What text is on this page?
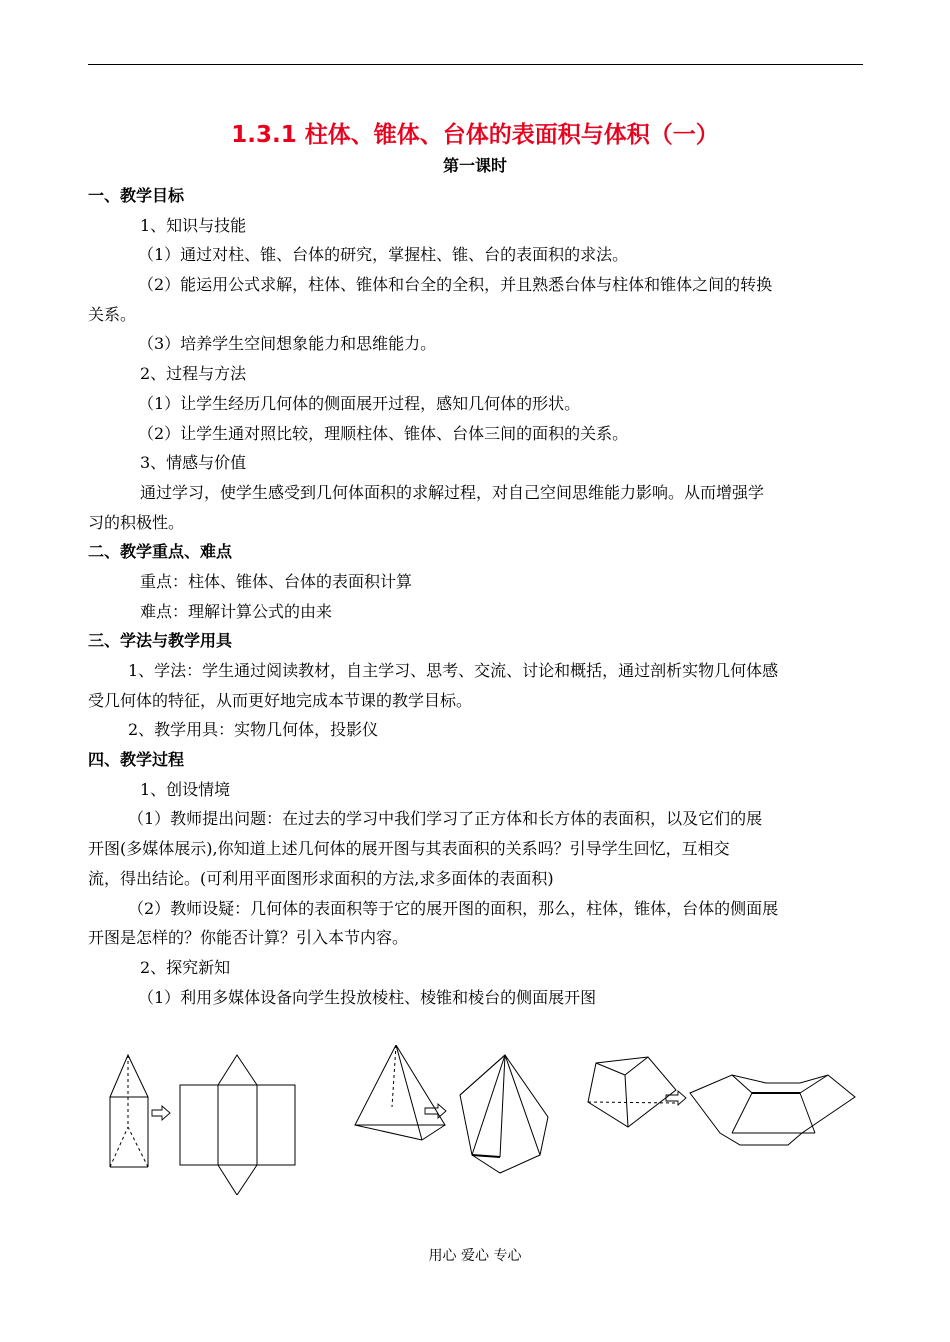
1.3.1 柱体、锥体、台体的表面积与体积（一）
第一课时
一、教学目标
1、知识与技能
（1）通过对柱、锥、台体的研究，掌握柱、锥、台的表面积的求法。
（2）能运用公式求解，柱体、锥体和台全的全积，并且熟悉台体与柱体和锥体之间的转换
关系。
（3）培养学生空间想象能力和思维能力。
2、过程与方法
（1）让学生经历几何体的侧面展开过程，感知几何体的形状。
（2）让学生通对照比较，理顺柱体、锥体、台体三间的面积的关系。
3、情感与价值
通过学习，使学生感受到几何体面积的求解过程，对自己空间思维能力影响。从而增强学
习的积极性。
二、教学重点、难点
重点：柱体、锥体、台体的表面积计算
难点：理解计算公式的由来
三、学法与教学用具
1、学法：学生通过阅读教材，自主学习、思考、交流、讨论和概括，通过剖析实物几何体感
受几何体的特征，从而更好地完成本节课的教学目标。
2、教学用具：实物几何体，投影仪
四、教学过程
1、创设情境
（1）教师提出问题：在过去的学习中我们学习了正方体和长方体的表面积，以及它们的展
开图(多媒体展示),你知道上述几何体的展开图与其表面积的关系吗？引导学生回忆，互相交
流，得出结论。(可利用平面图形求面积的方法,求多面体的表面积)
（2）教师设疑：几何体的表面积等于它的展开图的面积，那么，柱体，锥体，台体的侧面展
开图是怎样的？你能否计算？引入本节内容。
2、探究新知
（1）利用多媒体设备向学生投放棱柱、棱锥和棱台的侧面展开图
用心 爱心 专心
